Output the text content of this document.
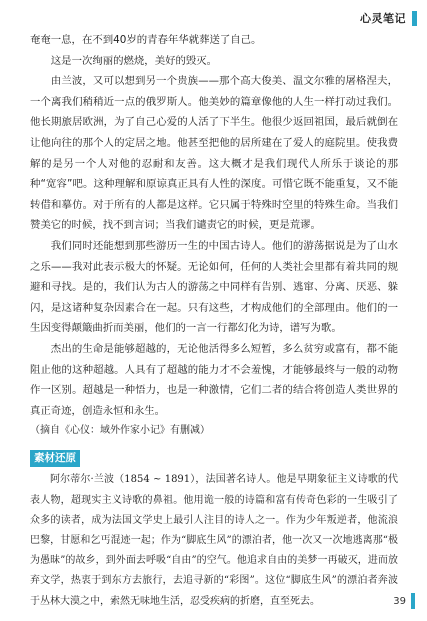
心灵笔记

奄奄一息，在不到40岁的青春年华就葬送了自己。

这是一次绚丽的燃烧，美好的毁灭。

由兰波，又可以想到另一个贵族——那个高大俊美、温文尔雅的屠格涅夫，一个离我们稍稍近一点的俄罗斯人。他美妙的篇章像他的人生一样打动过我们。他长期旅居欧洲，为了自己心爱的人活了下半生。他很少返回祖国，最后就倒在让他向往的那个人的定居之地。他甚至把他的居所建在了爱人的庭院里。使我费解的是另一个人对他的忍耐和友善。这大概才是我们现代人所乐于谈论的那种“宽容”吧。这种理解和原谅真正具有人性的深度。可惜它既不能重复，又不能转借和摹仿。对于所有的人都是这样。它只属于特殊时空里的特殊生命。当我们赞美它的时候，找不到言词；当我们谴责它的时候，更是荒谬。

我们同时还能想到那些游历一生的中国古诗人。他们的游荡据说是为了山水之乐——我对此表示极大的怀疑。无论如何，任何的人类社会里都有着共同的规避和寻找。是的，我们认为古人的游荡之中同样有告别、逃窜、分离、厌恶、躲闪，是这诸种复杂因素合在一起。只有这些，才构成他们的全部理由。他们的一生因变得颠簸曲折而美丽，他们的一言一行都幻化为诗，谱写为歌。

杰出的生命是能够超越的，无论他活得多么短暂，多么贫穷或富有，都不能阻止他的这种超越。人具有了超越的能力才不会羞愧，才能够最终与一般的动物作一区别。超越是一种悟力，也是一种激情，它们二者的结合将创造人类世界的真正奇迹，创造永恒和永生。

（摘自《心仪：域外作家小记》有删减）

素材还原

阿尔蒂尔·兰波（1854 ~ 1891），法国著名诗人。他是早期象征主义诗歌的代表人物，超现实主义诗歌的鼻祖。他用诡一般的诗篇和富有传奇色彩的一生吸引了众多的读者，成为法国文学史上最引人注目的诗人之一。作为少年叛逆者，他流浪巴黎，甘愿和乞丐混迹一起；作为“脚底生风”的漂泊者，他一次又一次地逃离那“极为愚昧”的故乡，到外面去呼吸“自由”的空气。他追求自由的美梦一再破灭，进而放弃文学，热衷于到东方去旅行，去追寻新的“彩图”。这位“脚底生风”的漂泊者奔波于丛林大漠之中，索然无味地生活，忍受疾病的折磨，直至死去。	39
